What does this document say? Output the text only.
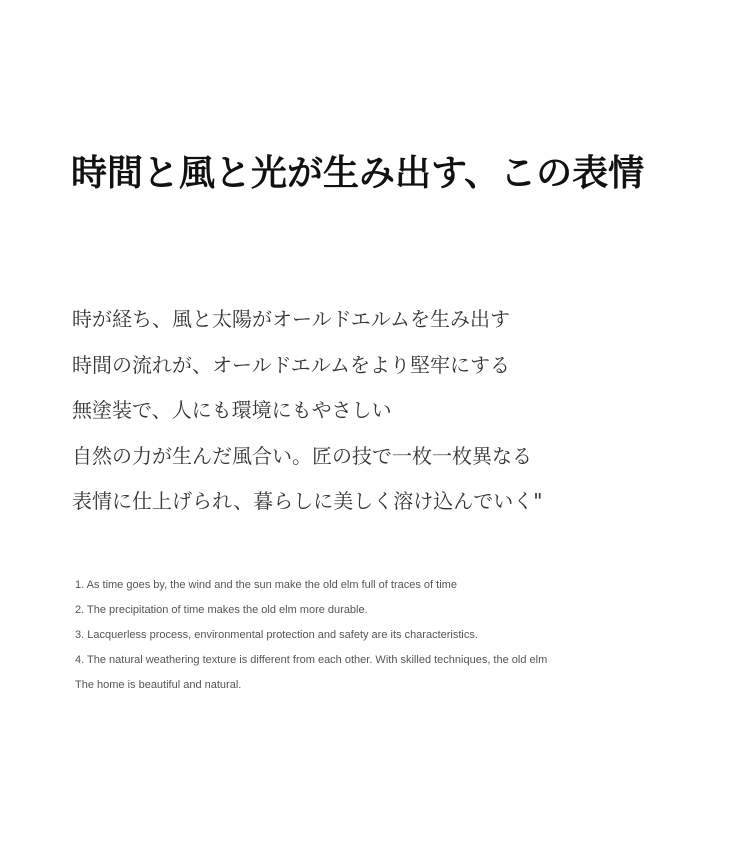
時間と風と光が生み出す、この表情
時が経ち、風と太陽がオールドエルムを生み出す
時間の流れが、オールドエルムをより堅牢にする
無塗装で、人にも環境にもやさしい
自然の力が生んだ風合い。匠の技で一枚一枚異なる
表情に仕上げられ、暮らしに美しく溶け込んでいく"
1. As time goes by, the wind and the sun make the old elm full of traces of time
2. The precipitation of time makes the old elm more durable.
3. Lacquerless process, environmental protection and safety are its characteristics.
4. The natural weathering texture is different from each other. With skilled techniques, the old elm
The home is beautiful and natural.
